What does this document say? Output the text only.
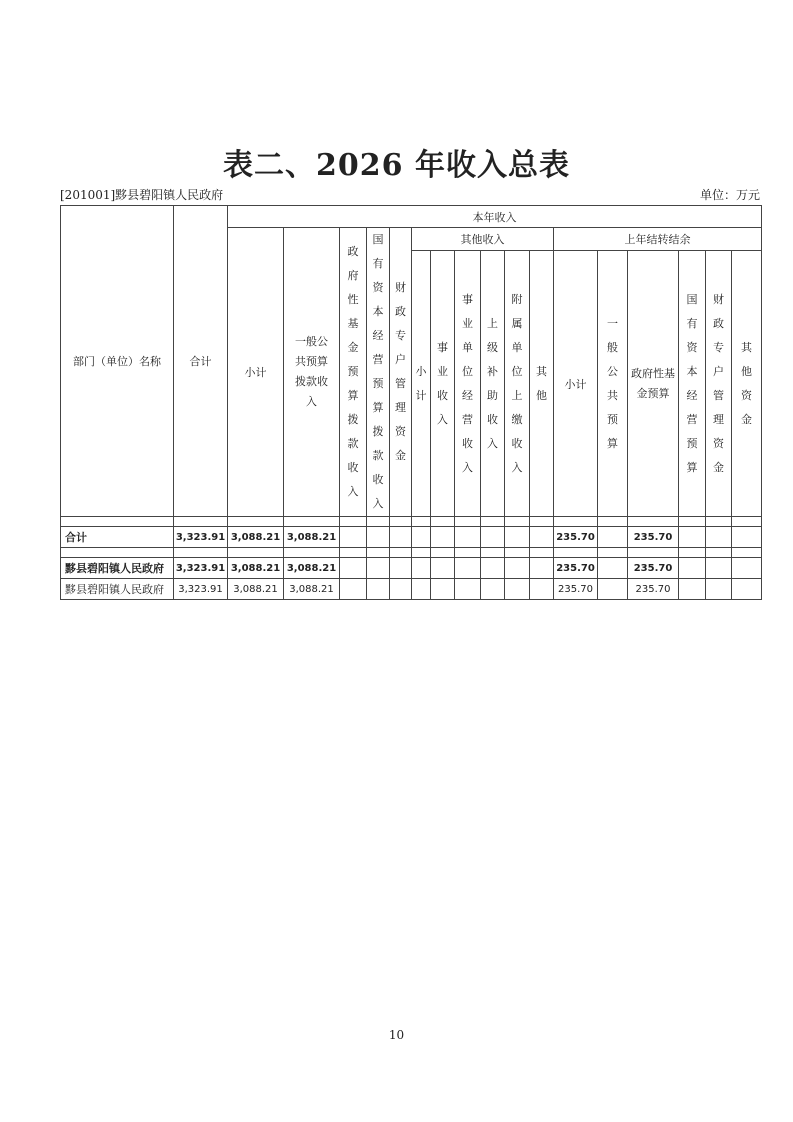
表二、2026 年收入总表
[201001]黟县碧阳镇人民政府	单位：万元
部门（单位）名称	合计	本年收入																
		小计	一般公共预算拨款收入	政府性基金预算拨款收入	国有资本经营预算拨款收入	财政专户管理资金	其他收入						上年结转结余					
							小计	事业收入	事业单位经营收入	上级补助收入	附属单位上缴收入	其他	小计	一般公共预算	政府性基金预算	国有资本经营预算	财政专户管理资金	其他资金

合计	3,323.91	3,088.21	3,088.21										235.70		235.70			

黟县碧阳镇人民政府	3,323.91	3,088.21	3,088.21										235.70		235.70			
黟县碧阳镇人民政府	3,323.91	3,088.21	3,088.21										235.70		235.70			
10
